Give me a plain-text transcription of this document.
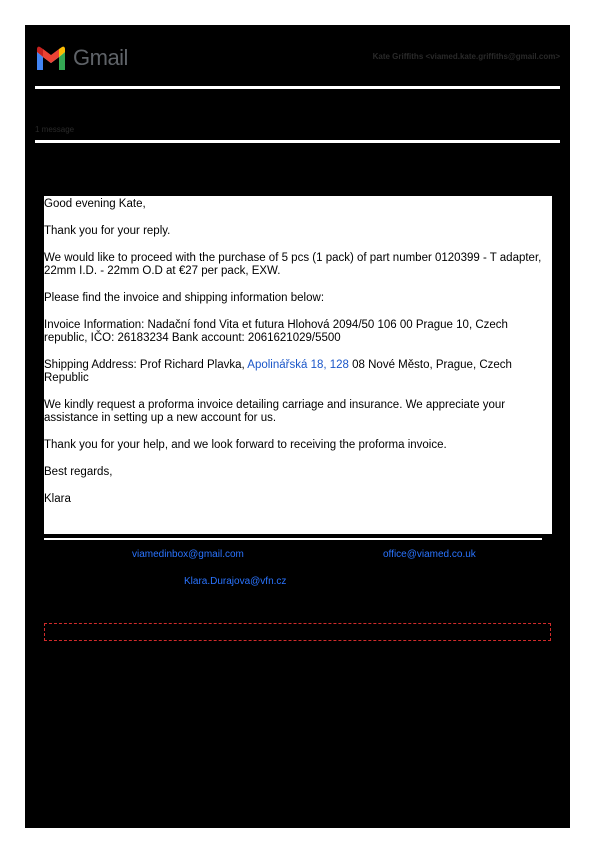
Gmail	Kate Griffiths <viamed.kate.griffiths@gmail.com>
1 message

Good evening Kate,

Thank you for your reply.

We would like to proceed with the purchase of 5 pcs (1 pack) of part number 0120399 - T adapter, 22mm I.D. - 22mm O.D at €27 per pack, EXW.

Please find the invoice and shipping information below:

Invoice Information: Nadační fond Vita et futura Hlohová 2094/50 106 00 Prague 10, Czech republic, IČO: 26183234 Bank account: 2061621029/5500

Shipping Address: Prof Richard Plavka, Apolinářská 18, 128 08 Nové Město, Prague, Czech Republic

We kindly request a proforma invoice detailing carriage and insurance. We appreciate your assistance in setting up a new account for us.

Thank you for your help, and we look forward to receiving the proforma invoice.

Best regards,

Klara

viamedinbox@gmail.com	office@viamed.co.uk
Klara.Durajova@vfn.cz
